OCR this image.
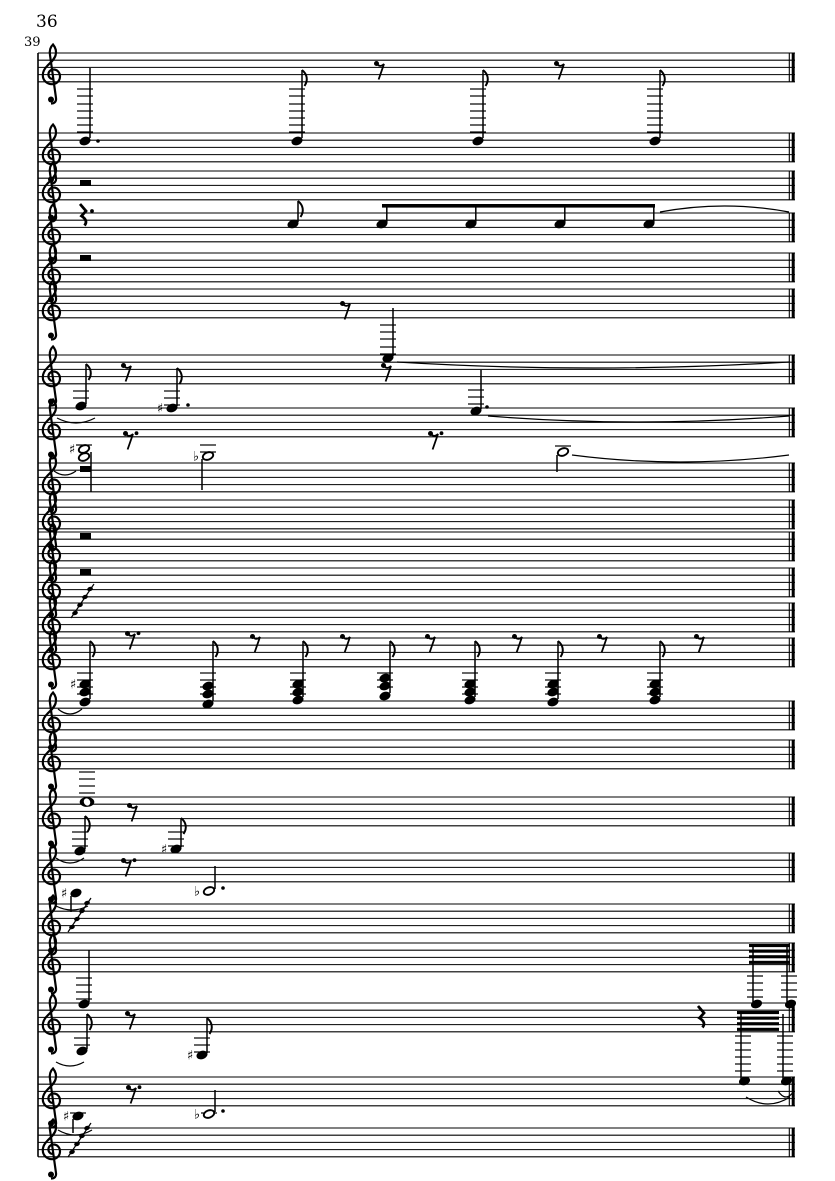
36
39
♯
♯	♭
♯
♯
♯	♭
♯
♯	♭
